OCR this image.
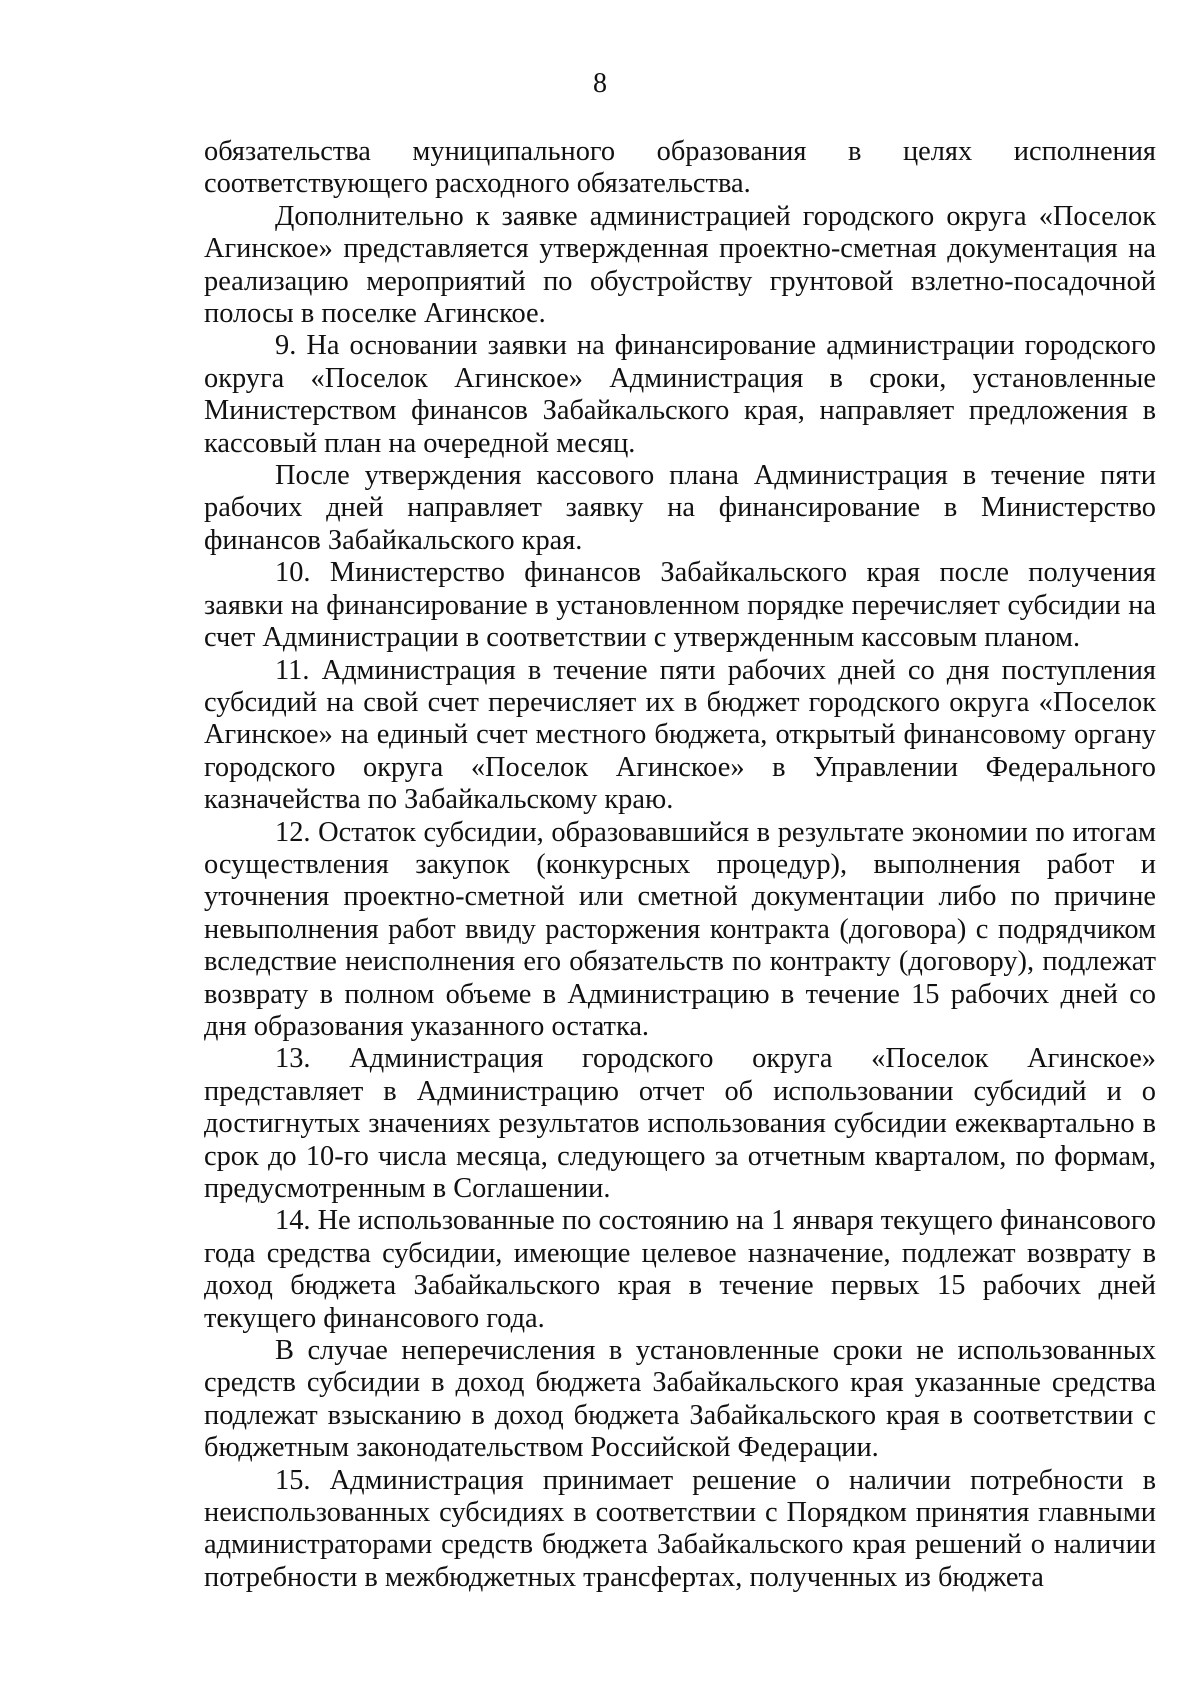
8

обязательства муниципального образования в целях исполнения соответствующего расходного обязательства.

Дополнительно к заявке администрацией городского округа «Поселок Агинское» представляется утвержденная проектно-сметная документация на реализацию мероприятий по обустройству грунтовой взлетно-посадочной полосы в поселке Агинское.

9. На основании заявки на финансирование администрации городского округа «Поселок Агинское» Администрация в сроки, установленные Министерством финансов Забайкальского края, направляет предложения в кассовый план на очередной месяц.

После утверждения кассового плана Администрация в течение пяти рабочих дней направляет заявку на финансирование в Министерство финансов Забайкальского края.

10. Министерство финансов Забайкальского края после получения заявки на финансирование в установленном порядке перечисляет субсидии на счет Администрации в соответствии с утвержденным кассовым планом.

11. Администрация в течение пяти рабочих дней со дня поступления субсидий на свой счет перечисляет их в бюджет городского округа «Поселок Агинское» на единый счет местного бюджета, открытый финансовому органу городского округа «Поселок Агинское» в Управлении Федерального казначейства по Забайкальскому краю.

12. Остаток субсидии, образовавшийся в результате экономии по итогам осуществления закупок (конкурсных процедур), выполнения работ и уточнения проектно-сметной или сметной документации либо по причине невыполнения работ ввиду расторжения контракта (договора) с подрядчиком вследствие неисполнения его обязательств по контракту (договору), подлежат возврату в полном объеме в Администрацию в течение 15 рабочих дней со дня образования указанного остатка.

13. Администрация городского округа «Поселок Агинское» представляет в Администрацию отчет об использовании субсидий и о достигнутых значениях результатов использования субсидии ежеквартально в срок до 10-го числа месяца, следующего за отчетным кварталом, по формам, предусмотренным в Соглашении.

14. Не использованные по состоянию на 1 января текущего финансового года средства субсидии, имеющие целевое назначение, подлежат возврату в доход бюджета Забайкальского края в течение первых 15 рабочих дней текущего финансового года.

В случае неперечисления в установленные сроки не использованных средств субсидии в доход бюджета Забайкальского края указанные средства подлежат взысканию в доход бюджета Забайкальского края в соответствии с бюджетным законодательством Российской Федерации.

15. Администрация принимает решение о наличии потребности в неиспользованных субсидиях в соответствии с Порядком принятия главными администраторами средств бюджета Забайкальского края решений о наличии потребности в межбюджетных трансфертах, полученных из бюджета
